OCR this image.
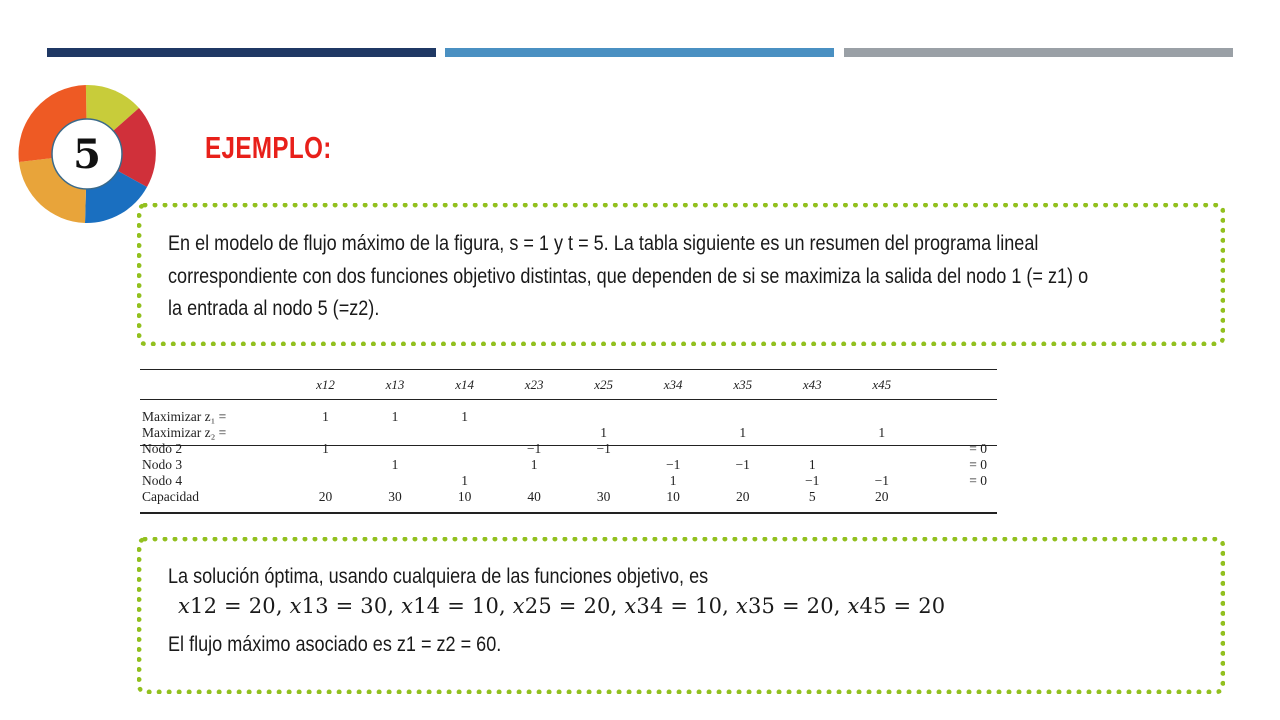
5	EJEMPLO:
En el modelo de flujo máximo de la figura, s = 1 y t = 5. La tabla siguiente es un resumen del programa lineal
correspondiente con dos funciones objetivo distintas, que dependen de si se maximiza la salida del nodo 1 (= z1) o
la entrada al nodo 5 (=z2).
	x12	x13	x14	x23	x25	x34	x35	x43	x45	

Maximizar z₁ =	1	1	1							
Maximizar z₂ =					1		1		1	
Nodo 2	1			−1	−1					= 0
Nodo 3		1		1		−1	−1	1		= 0
Nodo 4			1			1		−1	−1	= 0
Capacidad	20	30	10	40	30	10	20	5	20	
La solución óptima, usando cualquiera de las funciones objetivo, es
𝑥12 = 20, 𝑥13 = 30, 𝑥14 = 10, 𝑥25 = 20, 𝑥34 = 10, 𝑥35 = 20, 𝑥45 = 20
El flujo máximo asociado es z1 = z2 = 60.
